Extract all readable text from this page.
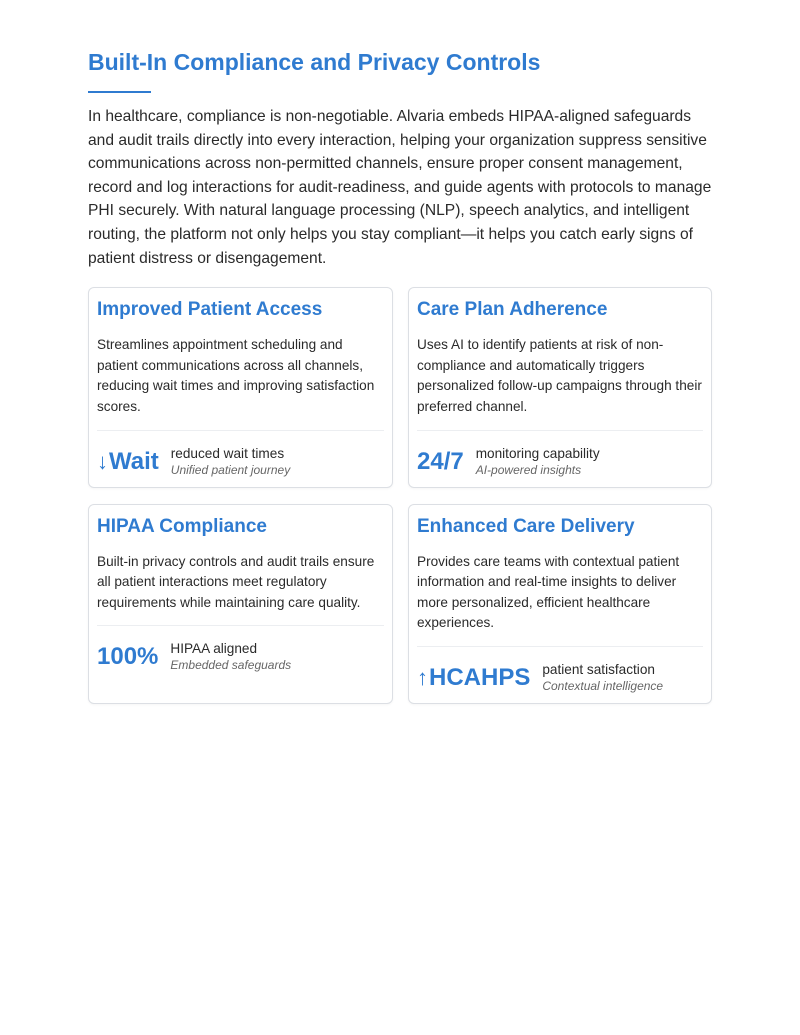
Built-In Compliance and Privacy Controls

In healthcare, compliance is non-negotiable. Alvaria embeds HIPAA-aligned safeguards and audit trails directly into every interaction, helping your organization suppress sensitive communications across non-permitted channels, ensure proper consent management, record and log interactions for audit-readiness, and guide agents with protocols to manage PHI securely. With natural language processing (NLP), speech analytics, and intelligent routing, the platform not only helps you stay compliant—it helps you catch early signs of patient distress or disengagement.

Improved Patient Access

Streamlines appointment scheduling and patient communications across all channels, reducing wait times and improving satisfaction scores.

↓ Wait reduced wait times
Unified patient journey
Care Plan Adherence

Uses AI to identify patients at risk of non-compliance and automatically triggers personalized follow-up campaigns through their preferred channel.

24/7 monitoring capability
AI-powered insights
HIPAA Compliance

Built-in privacy controls and audit trails ensure all patient interactions meet regulatory requirements while maintaining care quality.

100% HIPAA aligned
Embedded safeguards
Enhanced Care Delivery

Provides care teams with contextual patient information and real-time insights to deliver more personalized, efficient healthcare experiences.

↑ HCAHPS patient satisfaction
Contextual intelligence
